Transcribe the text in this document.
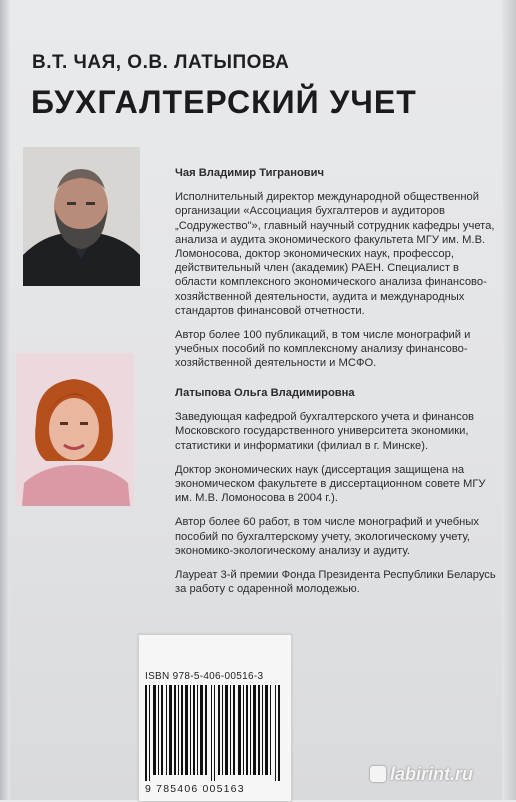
В.Т. ЧАЯ, О.В. ЛАТЫПОВА
БУХГАЛТЕРСКИЙ УЧЕТ
Чая Владимир Тигранович

Исполнительный директор международной общественной организации «Ассоциация бухгалтеров и аудиторов „Содружество"», главный научный сотрудник кафедры учета, анализа и аудита экономического факультета МГУ им. М.В. Ломоносова, доктор экономических наук, профессор, действительный член (академик) РАЕН. Специалист в области комплексного экономического анализа финансово-хозяйственной деятельности, аудита и международных стандартов финансовой отчетности.

Автор более 100 публикаций, в том числе монографий и учебных пособий по комплексному анализу финансово-хозяйственной деятельности и МСФО.

Латыпова Ольга Владимировна

Заведующая кафедрой бухгалтерского учета и финансов Московского государственного университета экономики, статистики и информатики (филиал в г. Минске).

Доктор экономических наук (диссертация защищена на экономическом факультете в диссертационном совете МГУ им. М.В. Ломоносова в 2004 г.).

Автор более 60 работ, в том числе монографий и учебных пособий по бухгалтерскому учету, экологическому учету, экономико-экологическому анализу и аудиту.

Лауреат 3-й премии Фонда Президента Республики Беларусь за работу с одаренной молодежью.

ISBN 978-5-406-00516-3
9 785406 005163
labirint.ru
